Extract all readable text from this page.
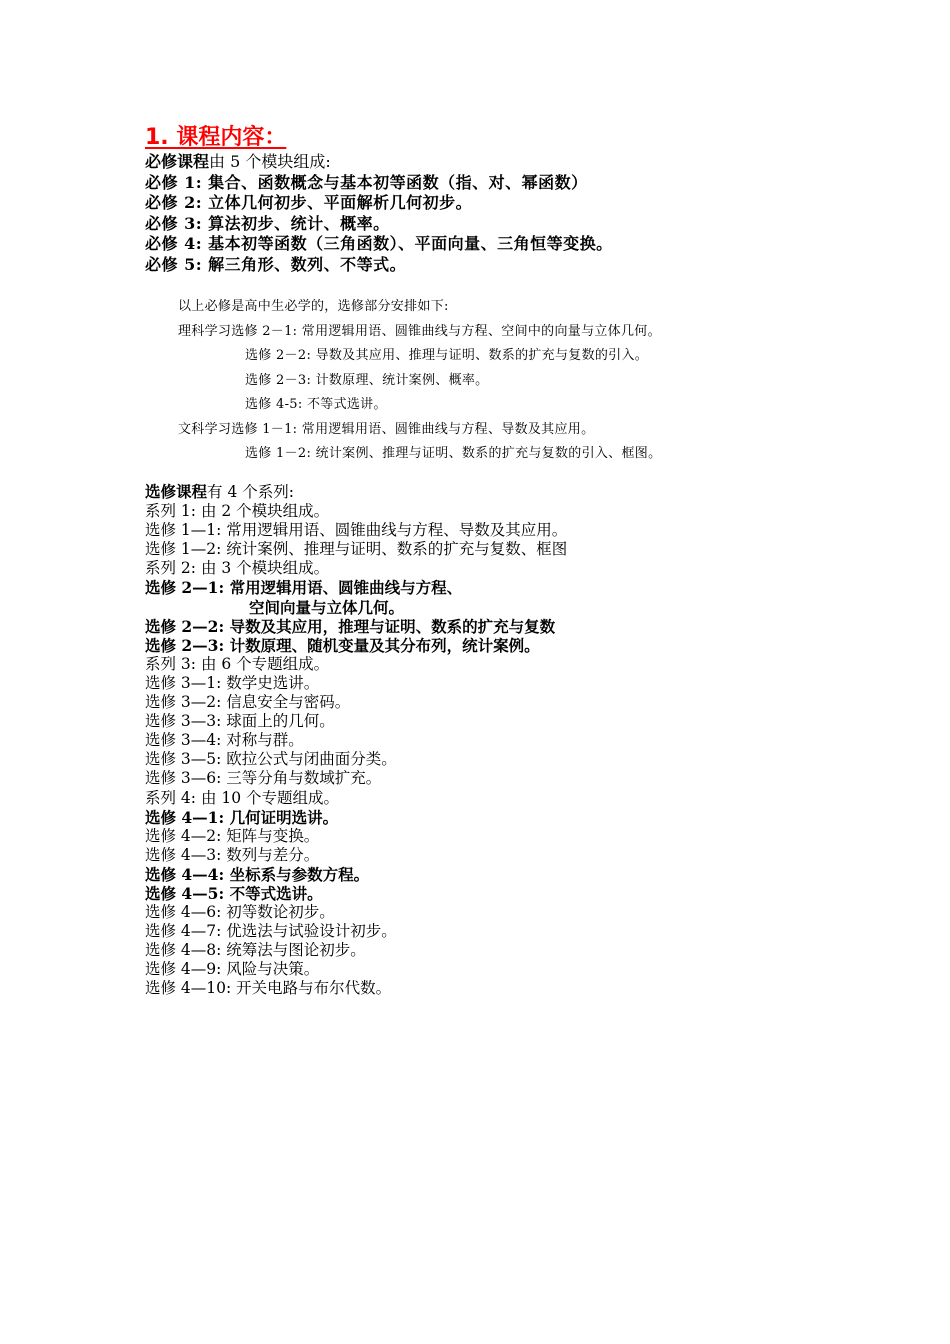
1. 课程内容：
必修课程由 5 个模块组成:
必修 1: 集合、函数概念与基本初等函数（指、对、幂函数）
必修 2: 立体几何初步、平面解析几何初步。
必修 3: 算法初步、统计、概率。
必修 4: 基本初等函数（三角函数）、平面向量、三角恒等变换。
必修 5: 解三角形、数列、不等式。
以上必修是高中生必学的，选修部分安排如下:
理科学习选修 2－1: 常用逻辑用语、圆锥曲线与方程、空间中的向量与立体几何。
选修 2－2: 导数及其应用、推理与证明、数系的扩充与复数的引入。
选修 2－3: 计数原理、统计案例、概率。
选修 4-5: 不等式选讲。
文科学习选修 1－1: 常用逻辑用语、圆锥曲线与方程、导数及其应用。
选修 1－2: 统计案例、推理与证明、数系的扩充与复数的引入、框图。
选修课程有 4 个系列:
系列 1: 由 2 个模块组成。
选修 1—1: 常用逻辑用语、圆锥曲线与方程、导数及其应用。
选修 1—2: 统计案例、推理与证明、数系的扩充与复数、框图
系列 2: 由 3 个模块组成。
选修 2—1: 常用逻辑用语、圆锥曲线与方程、
空间向量与立体几何。
选修 2—2: 导数及其应用，推理与证明、数系的扩充与复数
选修 2—3: 计数原理、随机变量及其分布列，统计案例。
系列 3: 由 6 个专题组成。
选修 3—1: 数学史选讲。
选修 3—2: 信息安全与密码。
选修 3—3: 球面上的几何。
选修 3—4: 对称与群。
选修 3—5: 欧拉公式与闭曲面分类。
选修 3—6: 三等分角与数域扩充。
系列 4: 由 10 个专题组成。
选修 4—1: 几何证明选讲。
选修 4—2: 矩阵与变换。
选修 4—3: 数列与差分。
选修 4—4: 坐标系与参数方程。
选修 4—5: 不等式选讲。
选修 4—6: 初等数论初步。
选修 4—7: 优选法与试验设计初步。
选修 4—8: 统筹法与图论初步。
选修 4—9: 风险与决策。
选修 4—10: 开关电路与布尔代数。
